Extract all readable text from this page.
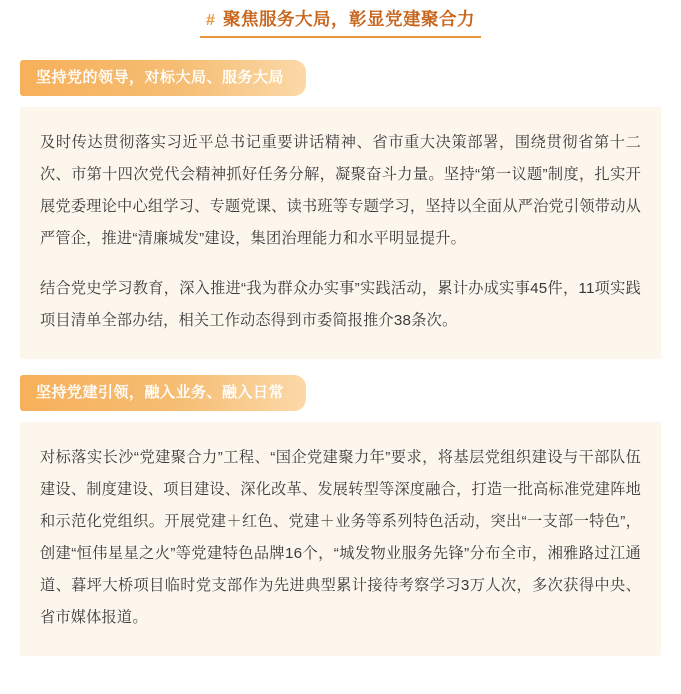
# 聚焦服务大局，彰显党建聚合力
坚持党的领导，对标大局、服务大局

及时传达贯彻落实习近平总书记重要讲话精神、省市重大决策部署，围绕贯彻省第十二次、市第十四次党代会精神抓好任务分解，凝聚奋斗力量。坚持“第一议题”制度，扎实开展党委理论中心组学习、专题党课、读书班等专题学习，坚持以全面从严治党引领带动从严管企，推进“清廉城发”建设，集团治理能力和水平明显提升。

结合党史学习教育，深入推进“我为群众办实事”实践活动，累计办成实事45件，11项实践项目清单全部办结，相关工作动态得到市委简报推介38条次。

坚持党建引领，融入业务、融入日常

对标落实长沙“党建聚合力”工程、“国企党建聚力年”要求，将基层党组织建设与干部队伍建设、制度建设、项目建设、深化改革、发展转型等深度融合，打造一批高标准党建阵地和示范化党组织。开展党建＋红色、党建＋业务等系列特色活动，突出“一支部一特色”，创建“恒伟星星之火”等党建特色品牌16个，“城发物业服务先锋”分布全市，湘雅路过江通道、暮坪大桥项目临时党支部作为先进典型累计接待考察学习3万人次，多次获得中央、省市媒体报道。
